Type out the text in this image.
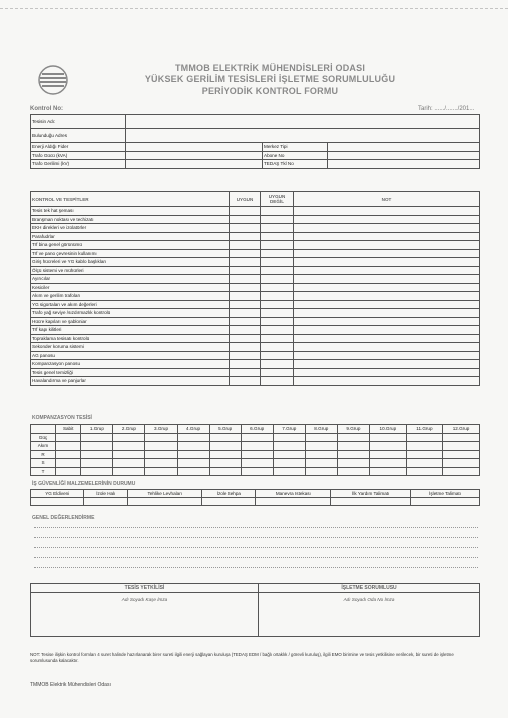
TMMOB ELEKTRİK MÜHENDİSLERİ ODASI
YÜKSEK GERİLİM TESİSLERİ İŞLETME SORUMLULUĞU
PERİYODİK KONTROL FORMU
Kontrol No:	Tarih: ....../......./201...
Tesisin Adı:			
Bulunduğu Adres			
Enerji Aldığı Fider		Merkez Tipi	
Trafo Gücü (kVA)		Abone No	
Trafo Gerilimi (kV)		TEDAŞ Tkl No	
KONTROL VE TESPİTLER	UYGUN	UYGUN DEĞİL	NOT
Tesis tek hat şeması			
Branşman noktası ve techizatı			
EKH direkleri ve izolatörler			
Parafudrlar			
Trf bina genel görünümü			
Trf ve pano çevresinin kullanımı			
Giriş hücreleri ve YG kablo başlıkları			
Ölçü sistemi ve mühürleri			
Ayırıcılar			
Kesiciler			
Akım ve gerilim trafoları			
YG sigortaları ve akım değerleri			
Trafo yağ seviye /sızdırmazlık kontrolü			
Hücre kapıları ve şabloniar			
Trf kapı kilitleri			
Topraklama tesisatı kontrolü			
Sekonder koruma sistemi			
AG panosu			
Kompanzasyon panosu			
Tesis genel temizliği			
Havalandırma ve panjurlar			
KOMPANZASYON TESİSİ
	Sabit	1.Grup	2.Grup	3.Grup	4.Grup	5.Grup	6.Grup	7.Grup	8.Grup	9.Grup	10.Grup	11.Grup	12.Grup
Güç													
Akım													
R													
S													
T													
İŞ GÜVENLİĞİ MALZEMELERİNİN DURUMU
YG Eldiveni	İzole Halı	Tehlike Levhaları	İzole Sehpa	Manevra Istekası	İlk Yardım Talimatı	İşletme Talimatı

GENEL DEĞERLENDİRME
TESİS YETKİLİSİ	İŞLETME SORUMLUSU
Adı Soyadı Kaşe İmza	Adı Soyadı Oda No İmza
NOT: Tesise ilişkin kontrol formları 4 suret halinde hazırlanarak birer sureti ilgili enerji sağlayan kuruluşa (TEDAŞ EDM / bağlı ortaklık / görevli kuruluş), ilgili EMO birimine ve tesis yetkilisine verilecek, bir sureti de işletme sorumlusunda kalacaktır.
TMMOB Elektrik Mühendisleri Odası
